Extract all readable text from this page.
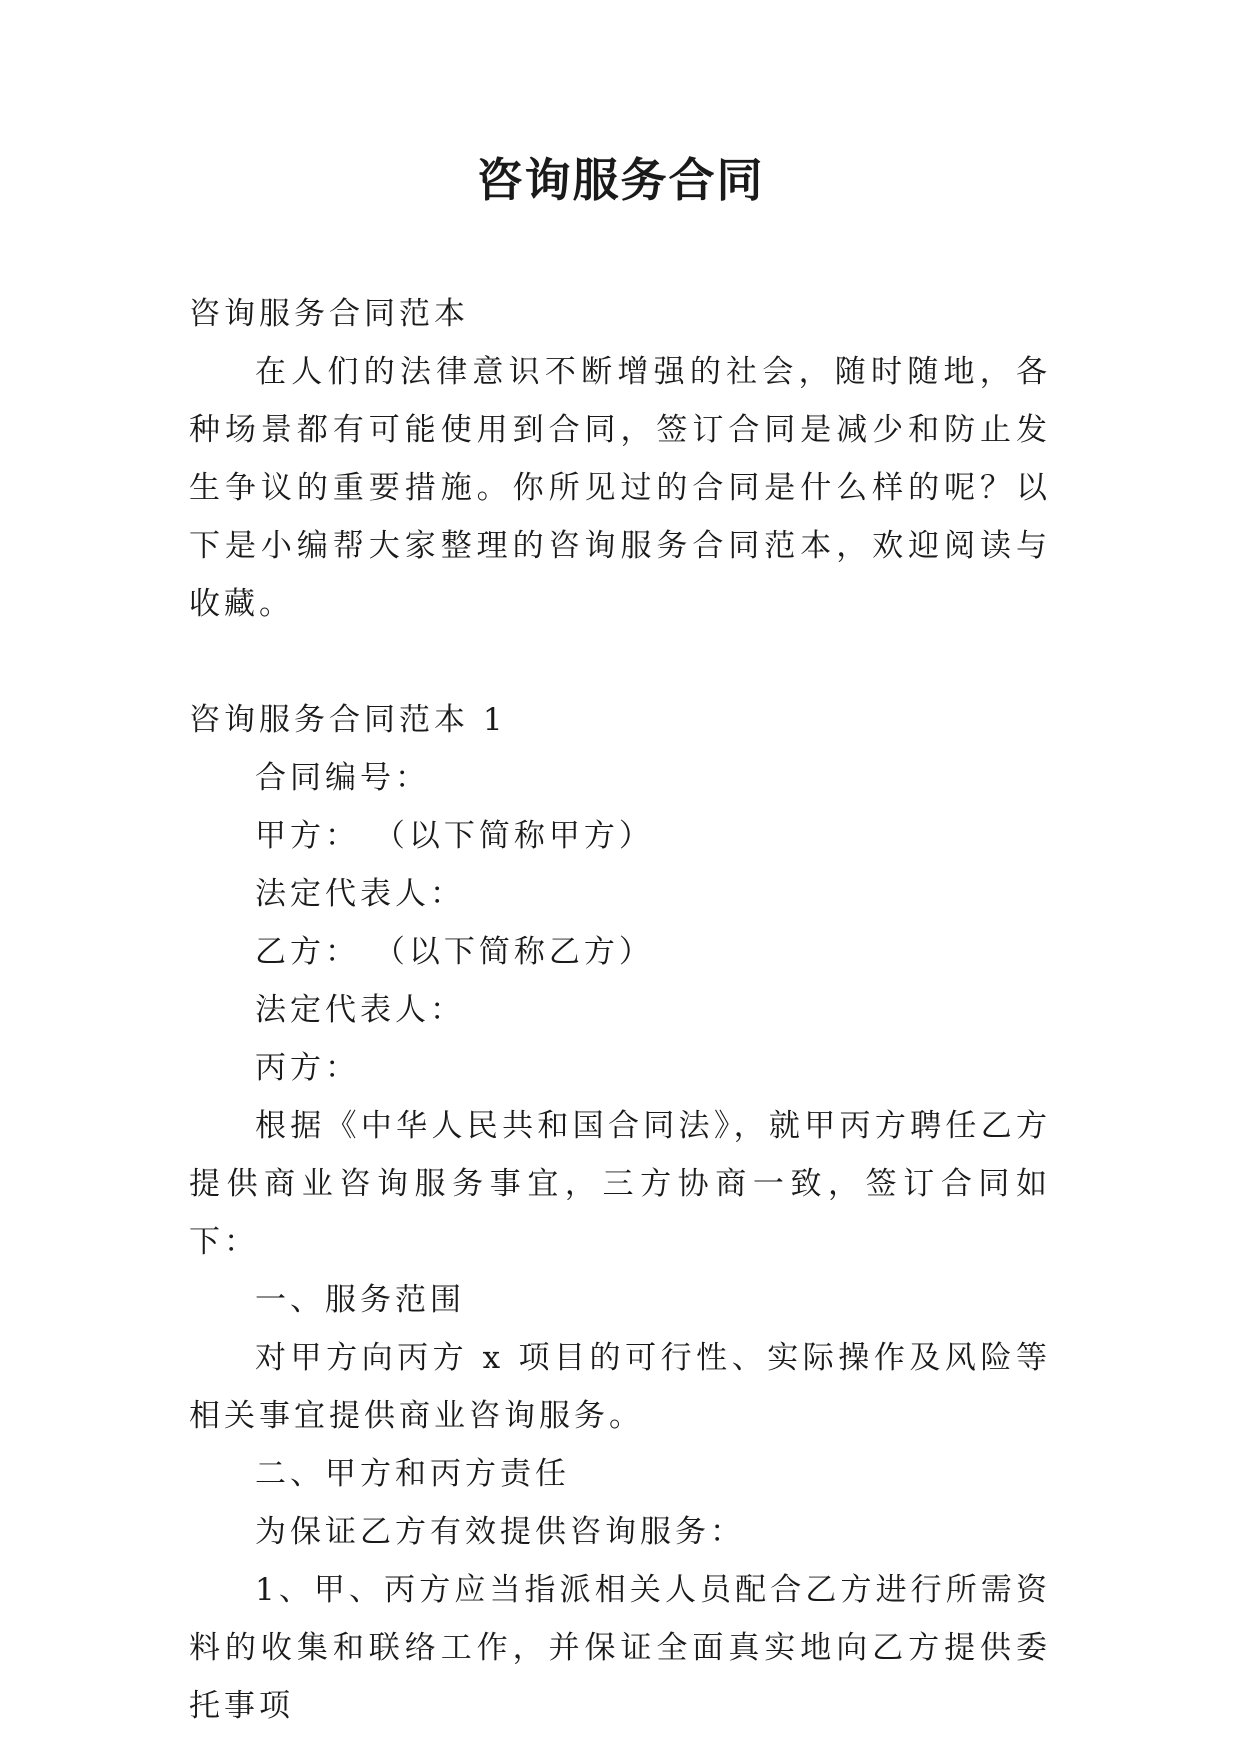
咨询服务合同

咨询服务合同范本

在人们的法律意识不断增强的社会，随时随地，各种场景都有可能使用到合同，签订合同是减少和防止发生争议的重要措施。你所见过的合同是什么样的呢？以下是小编帮大家整理的咨询服务合同范本，欢迎阅读与收藏。

咨询服务合同范本 1

合同编号：

甲方： （以下简称甲方）

法定代表人：

乙方： （以下简称乙方）

法定代表人：

丙方：

根据《中华人民共和国合同法》，就甲丙方聘任乙方提供商业咨询服务事宜，三方协商一致，签订合同如下：

一、服务范围

对甲方向丙方 x 项目的可行性、实际操作及风险等相关事宜提供商业咨询服务。

二、甲方和丙方责任

为保证乙方有效提供咨询服务：

1、甲、丙方应当指派相关人员配合乙方进行所需资料的收集和联络工作，并保证全面真实地向乙方提供委托事项
